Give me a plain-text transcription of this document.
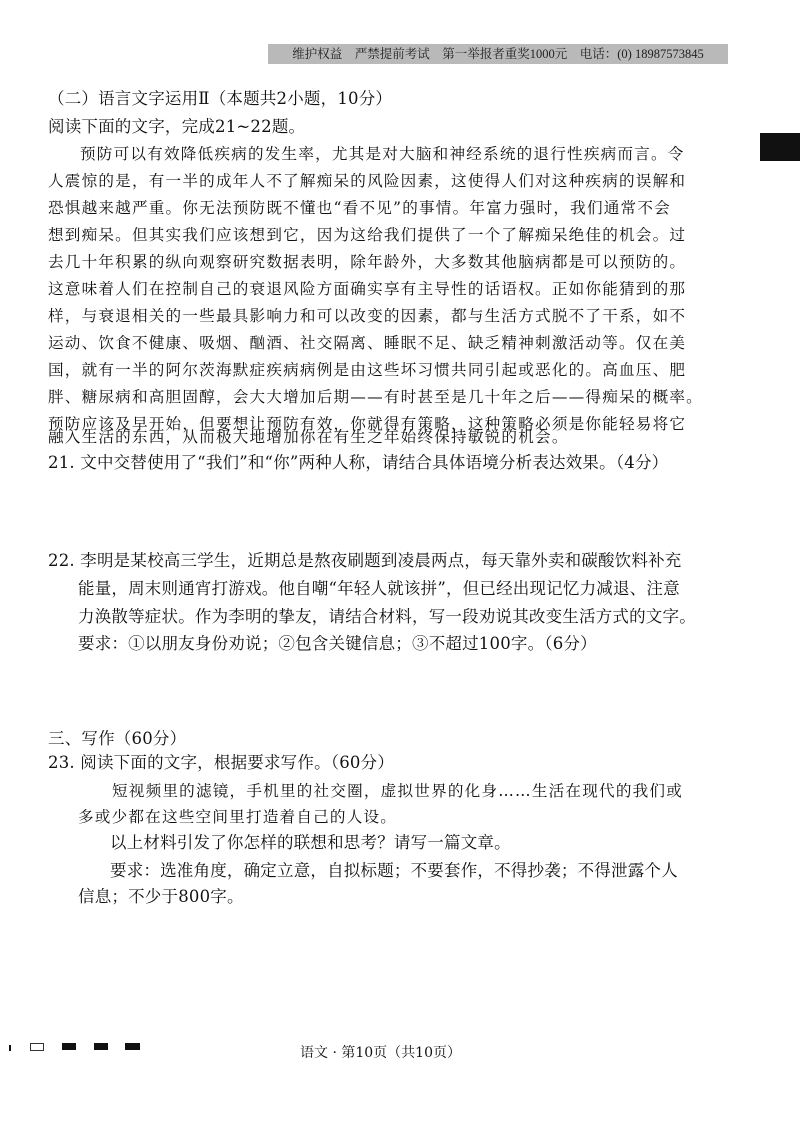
维护权益　严禁提前考试　第一举报者重奖1000元　电话：(0) 18987573845
（二）语言文字运用Ⅱ（本题共2小题，10分）
阅读下面的文字，完成21~22题。
预防可以有效降低疾病的发生率，尤其是对大脑和神经系统的退行性疾病而言。令
人震惊的是，有一半的成年人不了解痴呆的风险因素，这使得人们对这种疾病的误解和
恐惧越来越严重。你无法预防既不懂也“看不见”的事情。年富力强时，我们通常不会
想到痴呆。但其实我们应该想到它，因为这给我们提供了一个了解痴呆绝佳的机会。过
去几十年积累的纵向观察研究数据表明，除年龄外，大多数其他脑病都是可以预防的。
这意味着人们在控制自己的衰退风险方面确实享有主导性的话语权。正如你能猜到的那
样，与衰退相关的一些最具影响力和可以改变的因素，都与生活方式脱不了干系，如不
运动、饮食不健康、吸烟、酗酒、社交隔离、睡眠不足、缺乏精神刺激活动等。仅在美
国，就有一半的阿尔茨海默症疾病病例是由这些坏习惯共同引起或恶化的。高血压、肥
胖、糖尿病和高胆固醇，会大大增加后期——有时甚至是几十年之后——得痴呆的概率。
预防应该及早开始，但要想让预防有效，你就得有策略，这种策略必须是你能轻易将它
融入生活的东西，从而极大地增加你在有生之年始终保持敏锐的机会。
21. 文中交替使用了“我们”和“你”两种人称，请结合具体语境分析表达效果。（4分）
22. 李明是某校高三学生，近期总是熬夜刷题到凌晨两点，每天靠外卖和碳酸饮料补充
能量，周末则通宵打游戏。他自嘲“年轻人就该拼”，但已经出现记忆力减退、注意
力涣散等症状。作为李明的挚友，请结合材料，写一段劝说其改变生活方式的文字。
要求：①以朋友身份劝说；②包含关键信息；③不超过100字。（6分）
三、写作（60分）
23. 阅读下面的文字，根据要求写作。（60分）
短视频里的滤镜，手机里的社交圈，虚拟世界的化身……生活在现代的我们或
多或少都在这些空间里打造着自己的人设。
以上材料引发了你怎样的联想和思考？请写一篇文章。
要求：选准角度，确定立意，自拟标题；不要套作，不得抄袭；不得泄露个人
信息；不少于800字。
语文 · 第10页（共10页）
